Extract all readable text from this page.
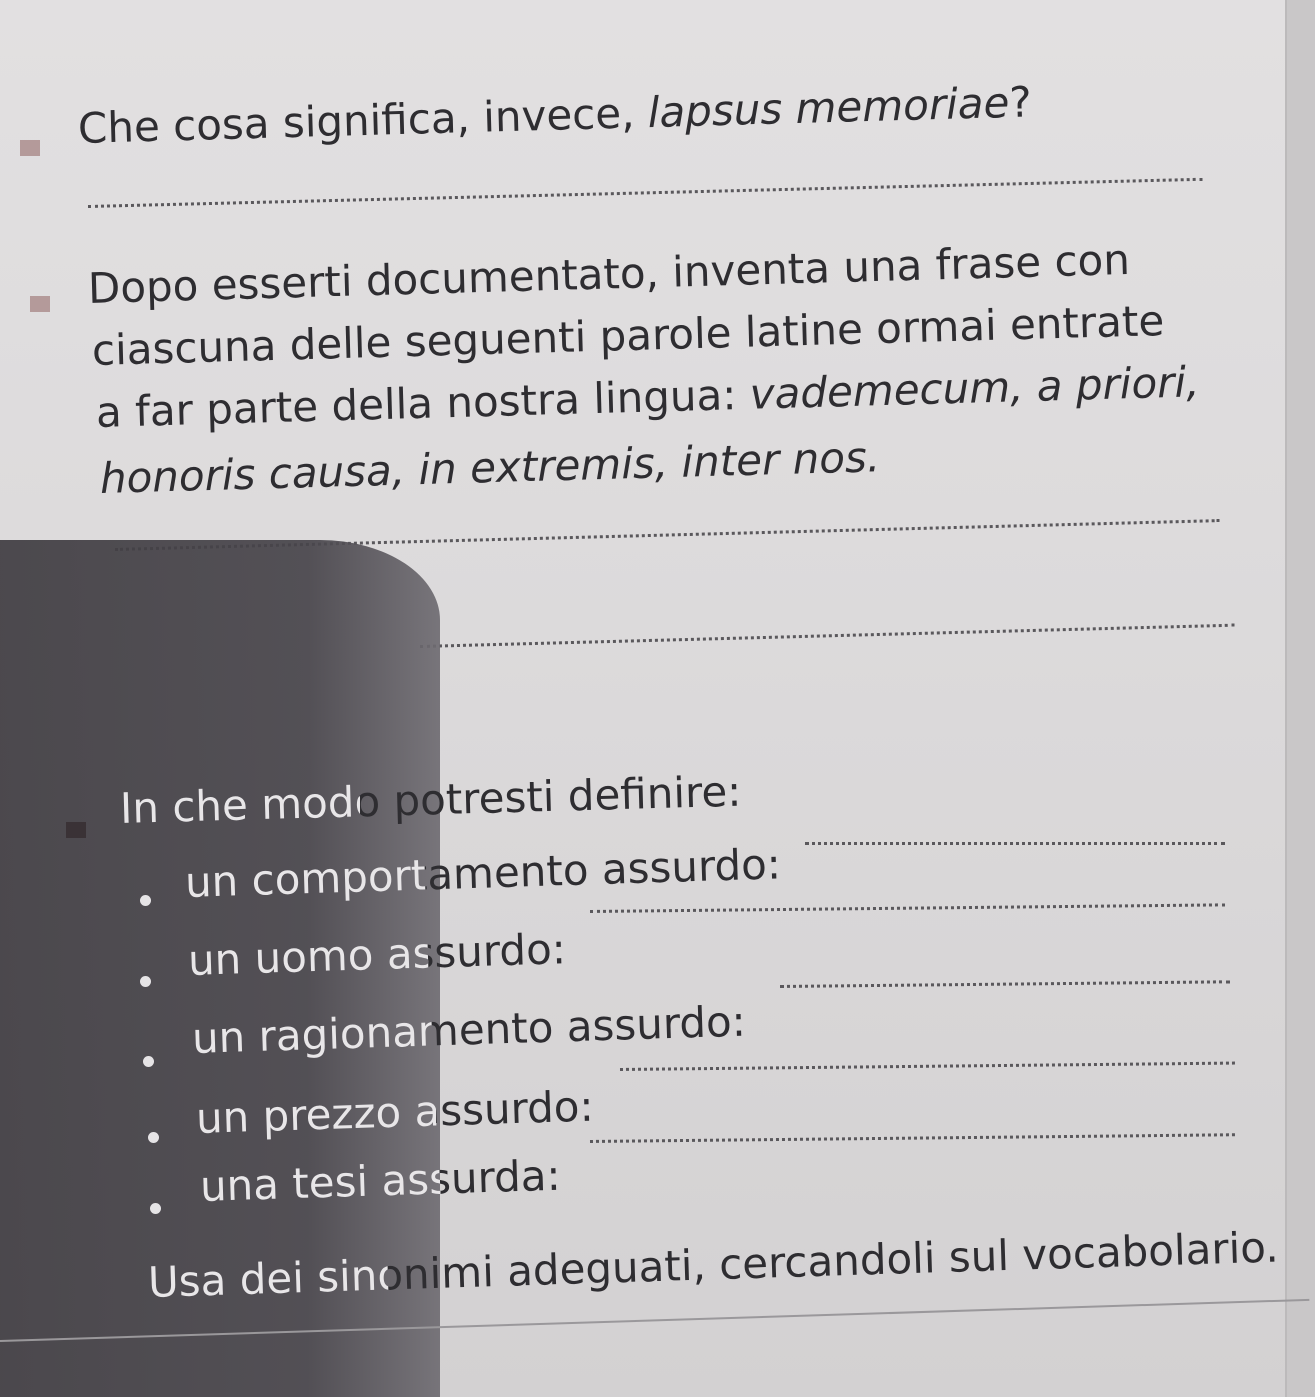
Che cosa significa, invece, lapsus memoriae?
Dopo esserti documentato, inventa una frase con
ciascuna delle seguenti parole latine ormai entrate
a far parte della nostra lingua: vademecum, a priori,
honoris causa, in extremis, inter nos.
In che modo potresti definire:
un comportamento assurdo:
un uomo assurdo:
un ragionamento assurdo:
un prezzo assurdo:
una tesi assurda:
Usa dei sinonimi adeguati, cercandoli sul vocabolario.
